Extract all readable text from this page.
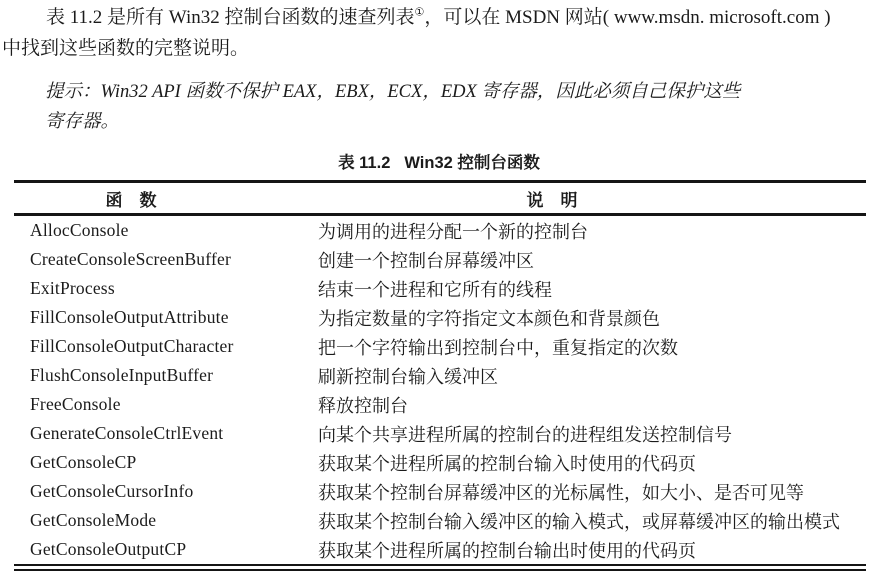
表 11.2 是所有 Win32 控制台函数的速查列表①，可以在 MSDN 网站( www.msdn. microsoft.com )
中找到这些函数的完整说明。

提示：Win32 API 函数不保护 EAX，EBX，ECX，EDX 寄存器，因此必须自己保护这些
寄存器。

表 11.2 Win32 控制台函数
函　数	说　明
AllocConsole	为调用的进程分配一个新的控制台
CreateConsoleScreenBuffer	创建一个控制台屏幕缓冲区
ExitProcess	结束一个进程和它所有的线程
FillConsoleOutputAttribute	为指定数量的字符指定文本颜色和背景颜色
FillConsoleOutputCharacter	把一个字符输出到控制台中，重复指定的次数
FlushConsoleInputBuffer	刷新控制台输入缓冲区
FreeConsole	释放控制台
GenerateConsoleCtrlEvent	向某个共享进程所属的控制台的进程组发送控制信号
GetConsoleCP	获取某个进程所属的控制台输入时使用的代码页
GetConsoleCursorInfo	获取某个控制台屏幕缓冲区的光标属性，如大小、是否可见等
GetConsoleMode	获取某个控制台输入缓冲区的输入模式，或屏幕缓冲区的输出模式
GetConsoleOutputCP	获取某个进程所属的控制台输出时使用的代码页
